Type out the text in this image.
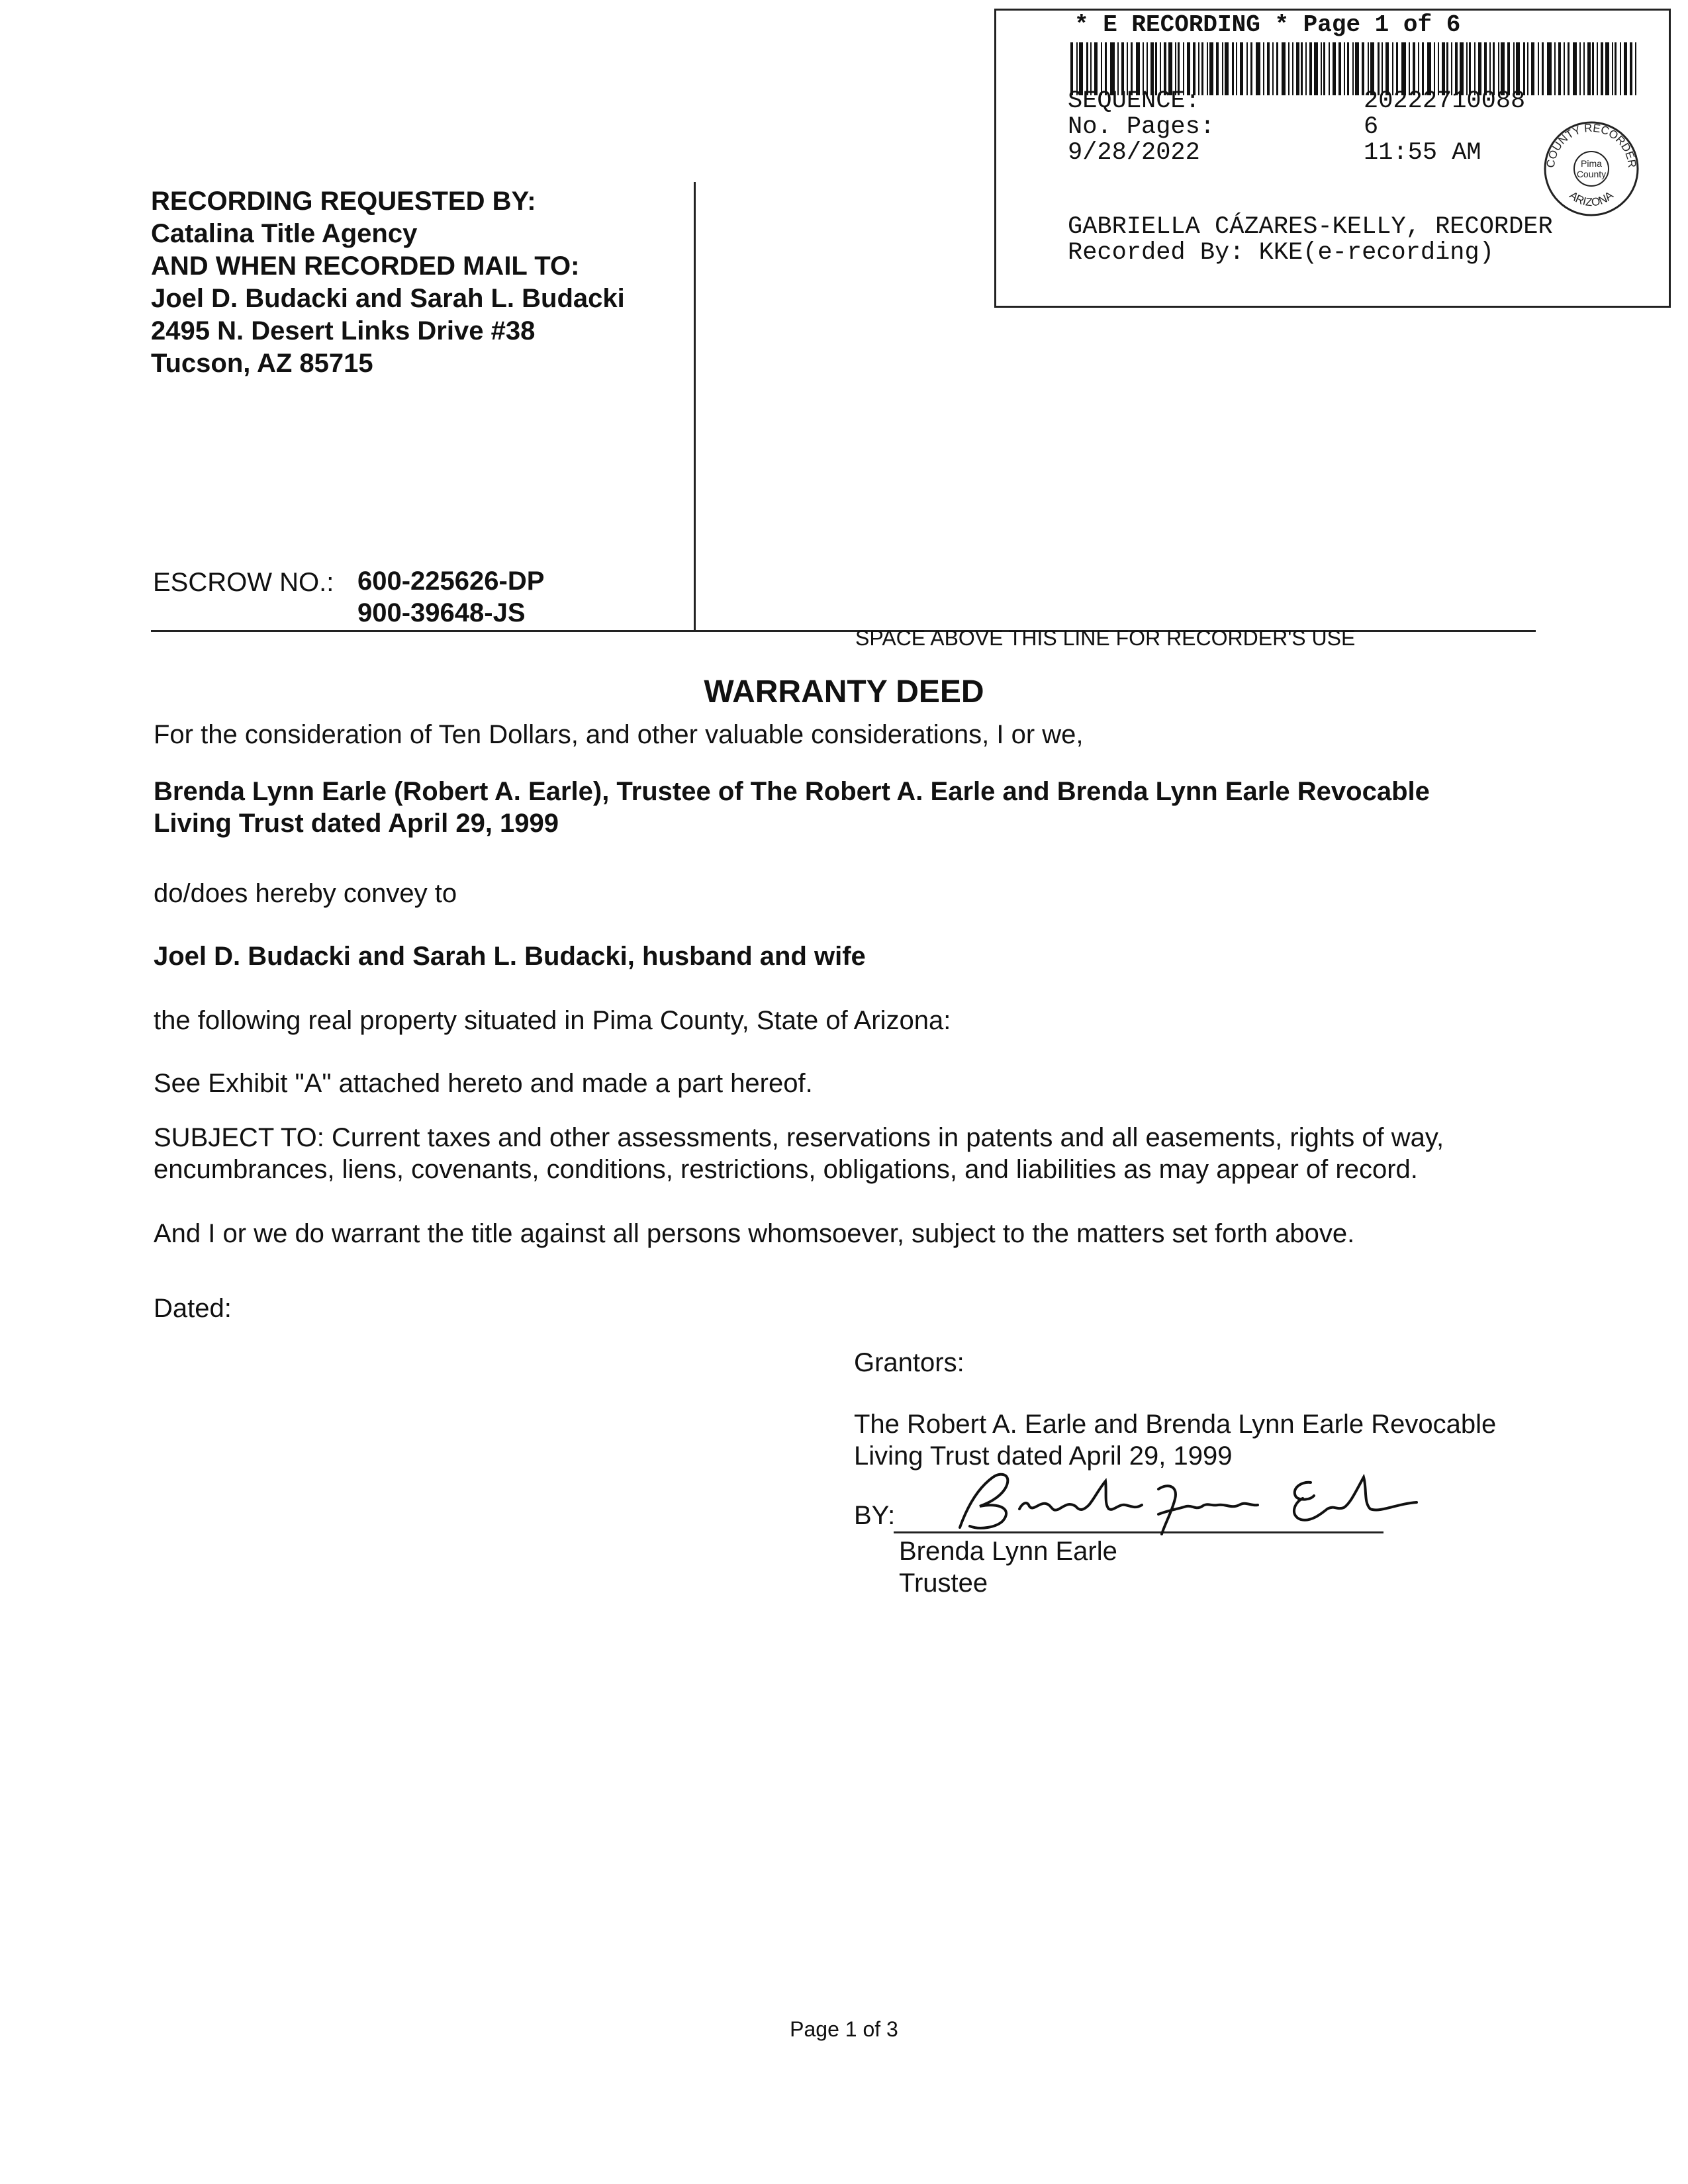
* E RECORDING * Page 1 of 6
SEQUENCE:	20222710088
No. Pages:	6
9/28/2022	11:55 AM
GABRIELLA CÁZARES-KELLY, RECORDER
Recorded By: KKE(e-recording)
COUNTY RECORDER
ARIZONA
Pima
County
RECORDING REQUESTED BY:
Catalina Title Agency
AND WHEN RECORDED MAIL TO:
Joel D. Budacki and Sarah L. Budacki
2495 N. Desert Links Drive #38
Tucson, AZ 85715
ESCROW NO.: 600-225626-DP
900-39648-JS
SPACE ABOVE THIS LINE FOR RECORDER'S USE
WARRANTY DEED
For the consideration of Ten Dollars, and other valuable considerations, I or we,
Brenda Lynn Earle (Robert A. Earle), Trustee of The Robert A. Earle and Brenda Lynn Earle Revocable
Living Trust dated April 29, 1999
do/does hereby convey to
Joel D. Budacki and Sarah L. Budacki, husband and wife
the following real property situated in Pima County, State of Arizona:
See Exhibit "A" attached hereto and made a part hereof.
SUBJECT TO: Current taxes and other assessments, reservations in patents and all easements, rights of way, encumbrances, liens, covenants, conditions, restrictions, obligations, and liabilities as may appear of record.
And I or we do warrant the title against all persons whomsoever, subject to the matters set forth above.
Dated:
Grantors:
The Robert A. Earle and Brenda Lynn Earle Revocable
Living Trust dated April 29, 1999
BY:
Brenda Lynn Earle
Trustee
Page 1 of 3
